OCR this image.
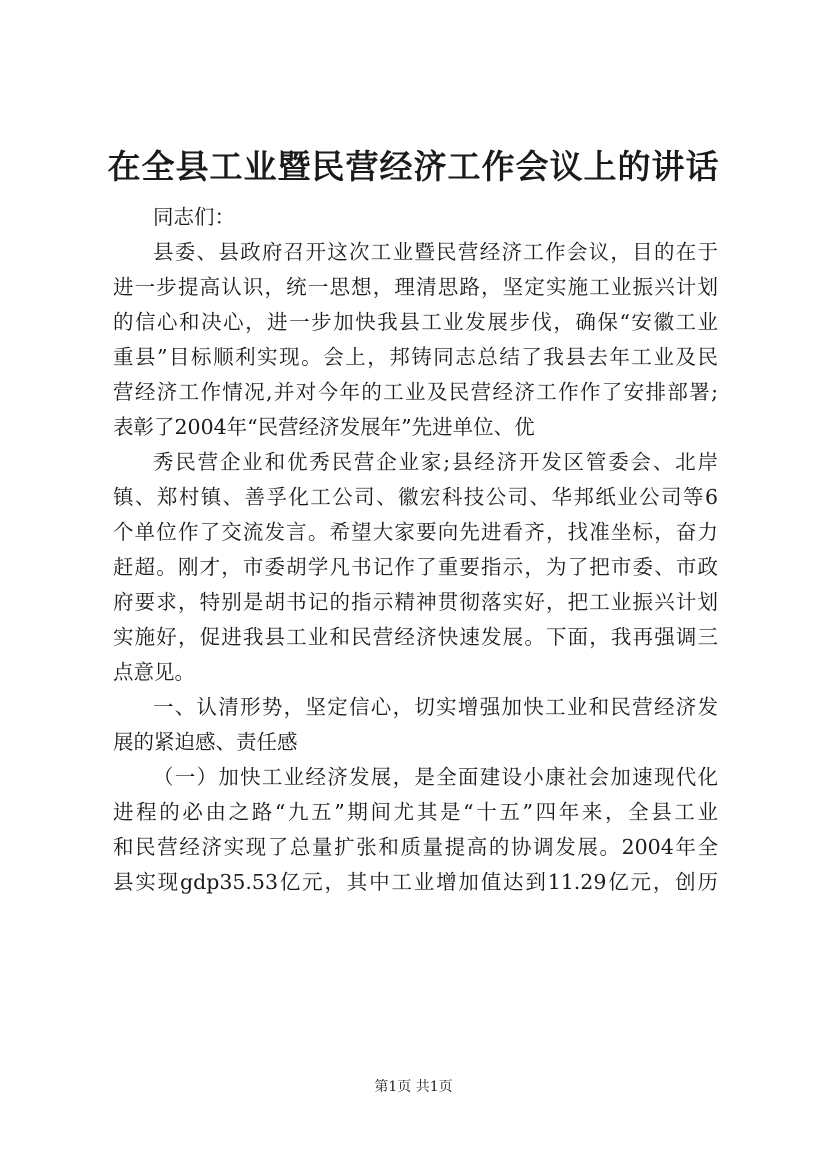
在全县工业暨民营经济工作会议上的讲话
同志们：
县委、县政府召开这次工业暨民营经济工作会议，目的在于
进一步提高认识，统一思想，理清思路，坚定实施工业振兴计划
的信心和决心，进一步加快我县工业发展步伐，确保“安徽工业
重县”目标顺利实现。会上，邦铸同志总结了我县去年工业及民
营经济工作情况,并对今年的工业及民营经济工作作了安排部署;
表彰了2004年“民营经济发展年”先进单位、优
秀民营企业和优秀民营企业家;县经济开发区管委会、北岸
镇、郑村镇、善孚化工公司、徽宏科技公司、华邦纸业公司等6
个单位作了交流发言。希望大家要向先进看齐，找准坐标，奋力
赶超。刚才，市委胡学凡书记作了重要指示，为了把市委、市政
府要求，特别是胡书记的指示精神贯彻落实好，把工业振兴计划
实施好，促进我县工业和民营经济快速发展。下面，我再强调三
点意见。
一、认清形势，坚定信心，切实增强加快工业和民营经济发
展的紧迫感、责任感
（一）加快工业经济发展，是全面建设小康社会加速现代化
进程的必由之路“九五”期间尤其是“十五”四年来，全县工业
和民营经济实现了总量扩张和质量提高的协调发展。2004年全
县实现gdp35.53亿元，其中工业增加值达到11.29亿元，创历
第1页 共1页
